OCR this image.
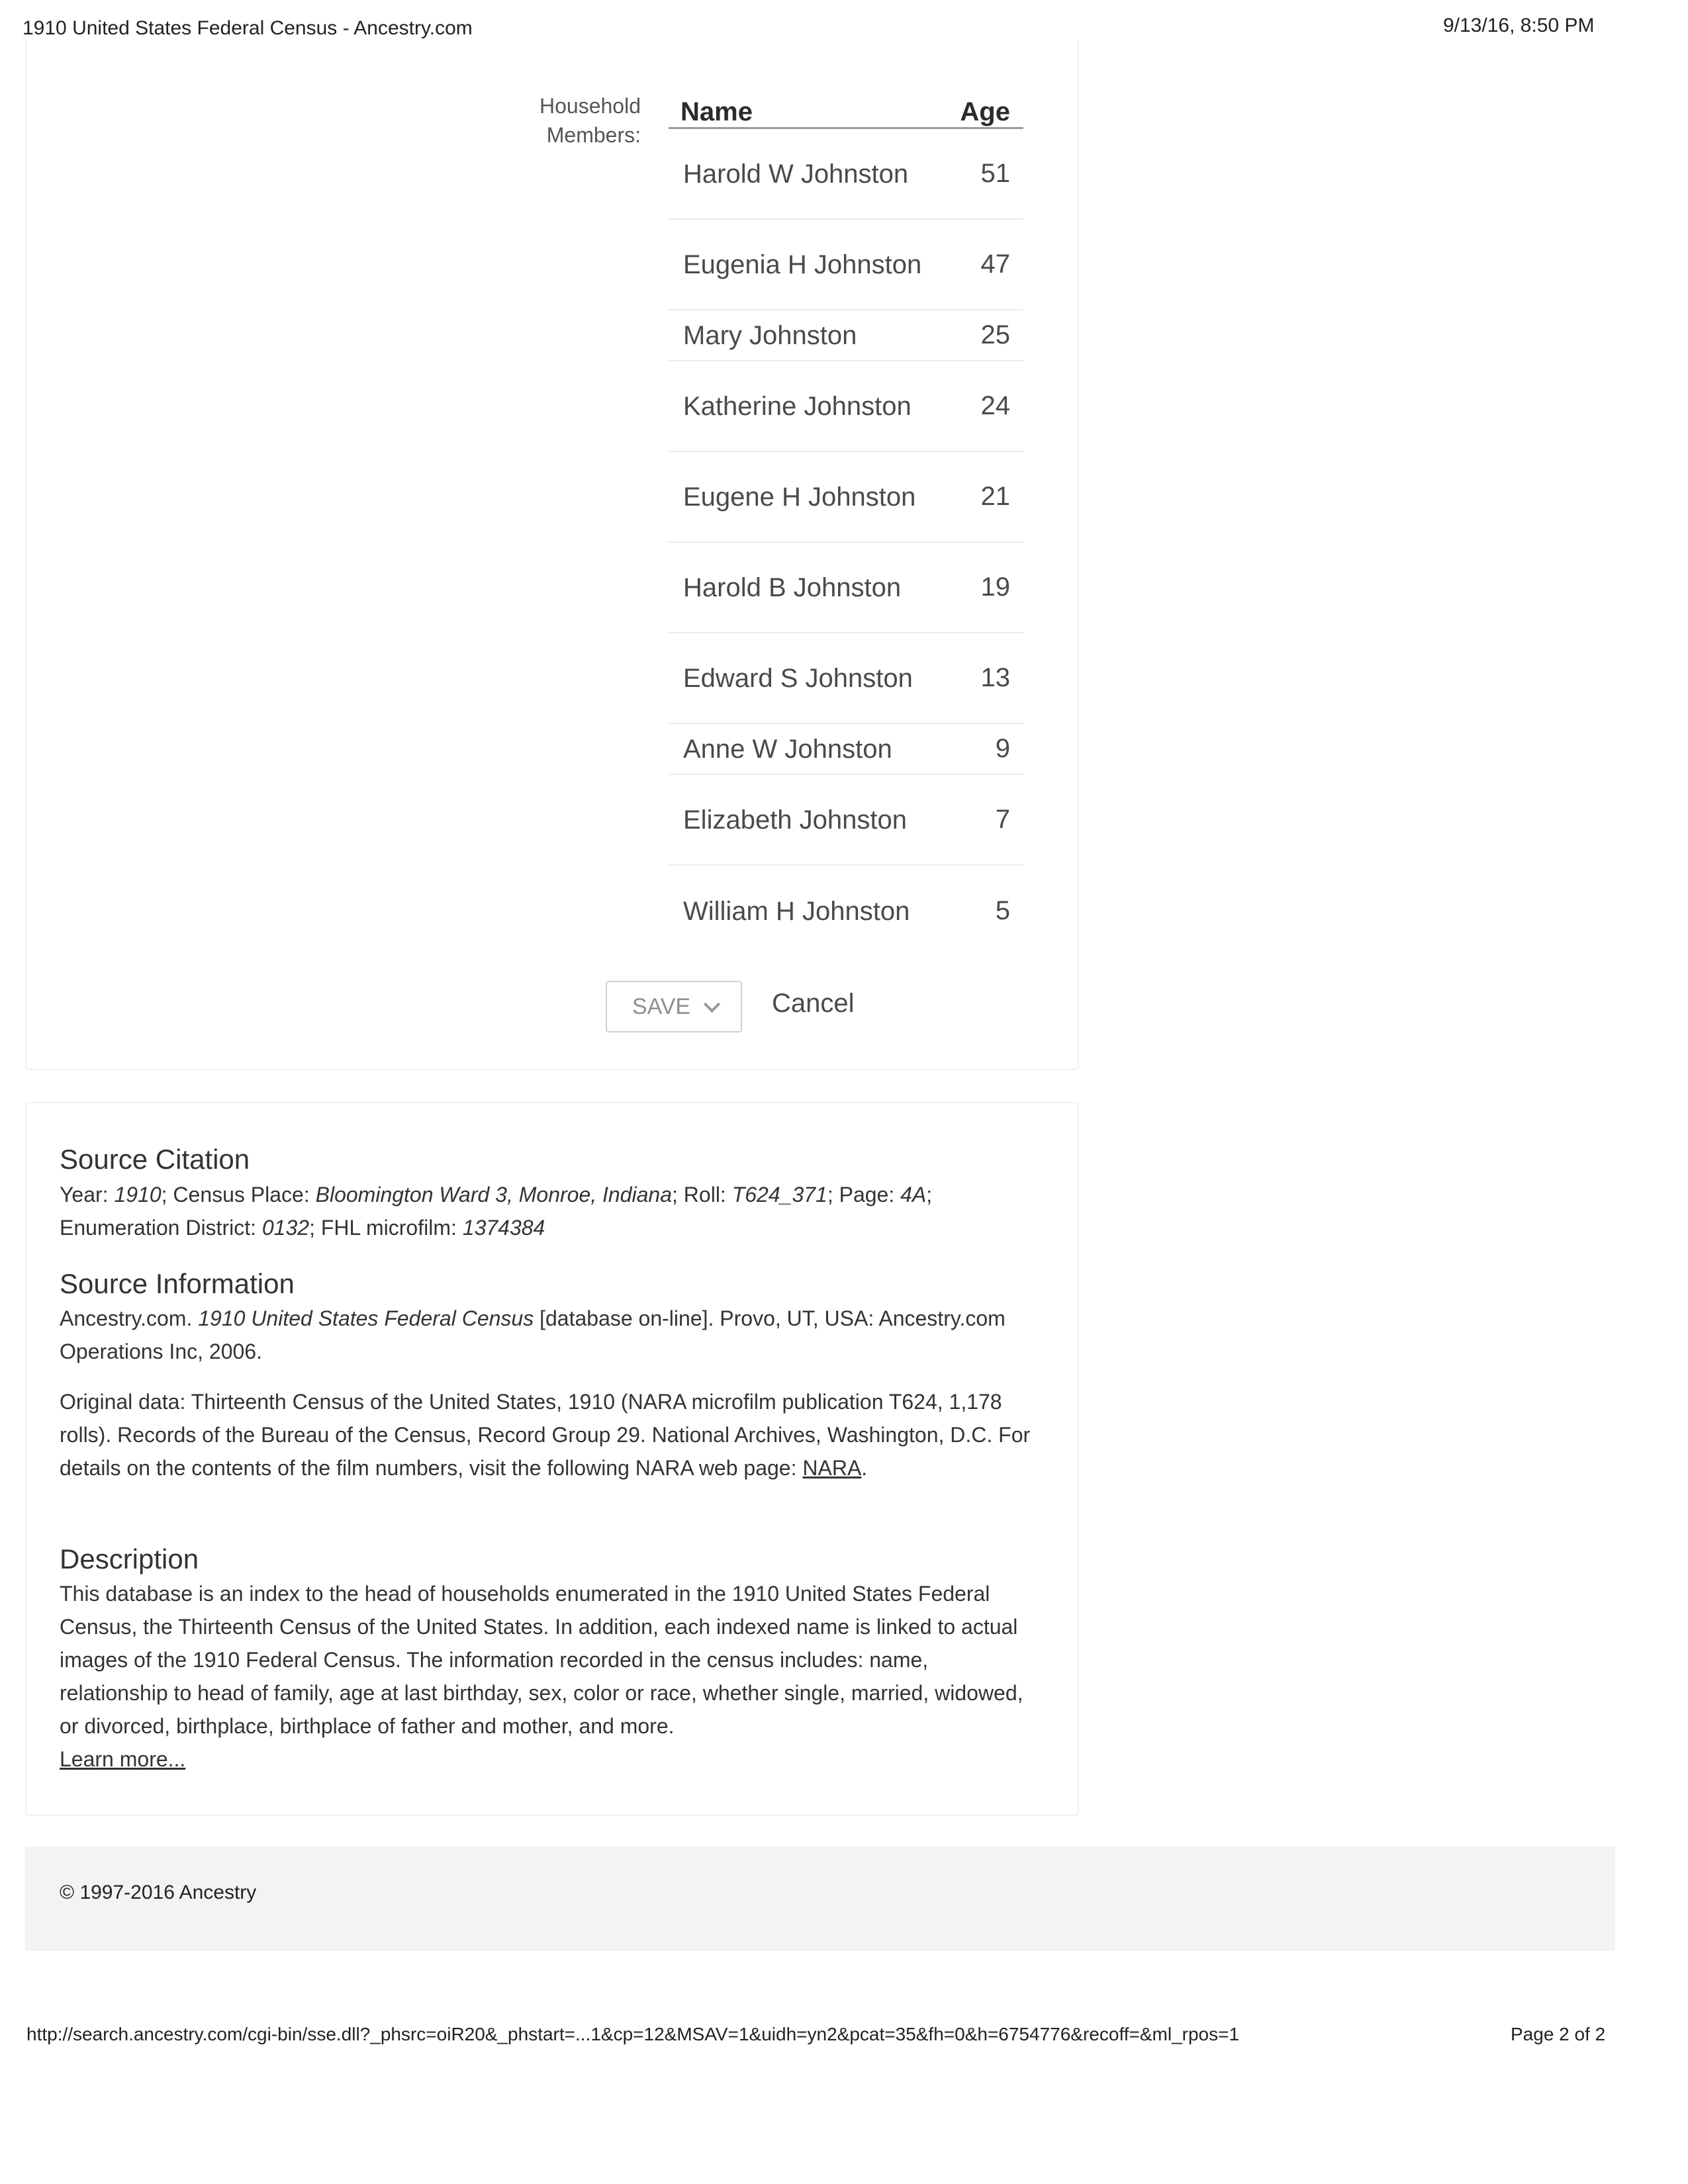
1910 United States Federal Census - Ancestry.com	9/13/16, 8:50 PM
Household Members:
Name	Age
Harold W Johnston	51
Eugenia H Johnston	47
Mary Johnston	25
Katherine Johnston	24
Eugene H Johnston	21
Harold B Johnston	19
Edward S Johnston	13
Anne W Johnston	9
Elizabeth Johnston	7
William H Johnston	5
SAVE	Cancel
Source Citation
Year: 1910; Census Place: Bloomington Ward 3, Monroe, Indiana; Roll: T624_371; Page: 4A; Enumeration District: 0132; FHL microfilm: 1374384
Source Information
Ancestry.com. 1910 United States Federal Census [database on-line]. Provo, UT, USA: Ancestry.com Operations Inc, 2006.
Original data: Thirteenth Census of the United States, 1910 (NARA microfilm publication T624, 1,178 rolls). Records of the Bureau of the Census, Record Group 29. National Archives, Washington, D.C. For details on the contents of the film numbers, visit the following NARA web page: NARA.
Description
This database is an index to the head of households enumerated in the 1910 United States Federal Census, the Thirteenth Census of the United States. In addition, each indexed name is linked to actual images of the 1910 Federal Census. The information recorded in the census includes: name, relationship to head of family, age at last birthday, sex, color or race, whether single, married, widowed, or divorced, birthplace, birthplace of father and mother, and more.
Learn more...
© 1997-2016 Ancestry
http://search.ancestry.com/cgi-bin/sse.dll?_phsrc=oiR20&_phstart=...1&cp=12&MSAV=1&uidh=yn2&pcat=35&fh=0&h=6754776&recoff=&ml_rpos=1	Page 2 of 2
